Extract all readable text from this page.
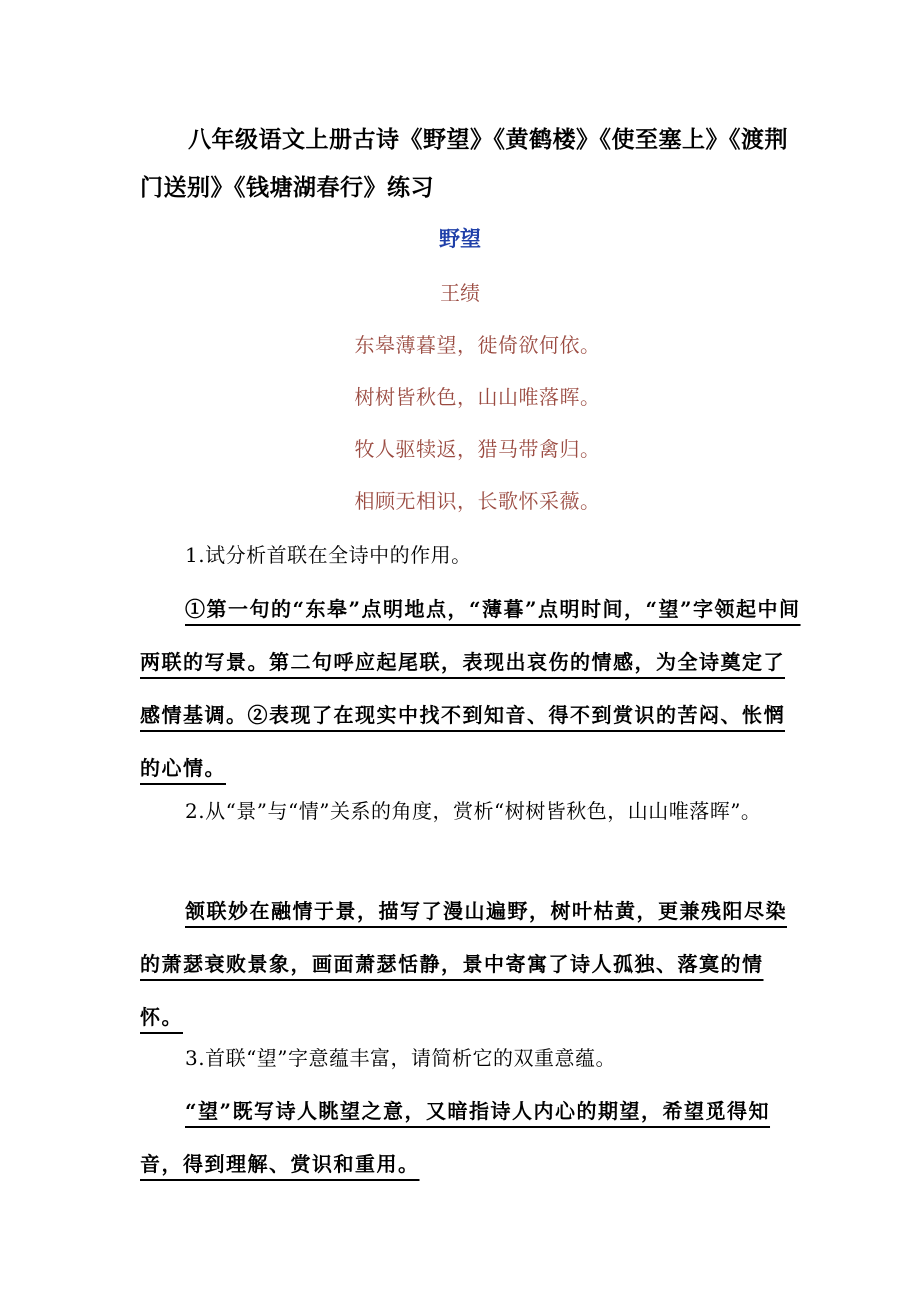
八年级语文上册古诗《野望》《黄鹤楼》《使至塞上》《渡荆门送别》《钱塘湖春行》练习

野望
王绩
东皋薄暮望，徙倚欲何依。
树树皆秋色，山山唯落晖。
牧人驱犊返，猎马带禽归。
相顾无相识，长歌怀采薇。

1.试分析首联在全诗中的作用。

①第一句的“东皋”点明地点，“薄暮”点明时间，“望”字领起中间两联的写景。第二句呼应起尾联，表现出哀伤的情感，为全诗奠定了感情基调。②表现了在现实中找不到知音、得不到赏识的苦闷、怅惘的心情。

2.从“景”与“情”关系的角度，赏析“树树皆秋色，山山唯落晖”。

颔联妙在融情于景，描写了漫山遍野，树叶枯黄，更兼残阳尽染的萧瑟衰败景象，画面萧瑟恬静，景中寄寓了诗人孤独、落寞的情怀。

3.首联“望”字意蕴丰富，请简析它的双重意蕴。

“望”既写诗人眺望之意，又暗指诗人内心的期望，希望觅得知音，得到理解、赏识和重用。
